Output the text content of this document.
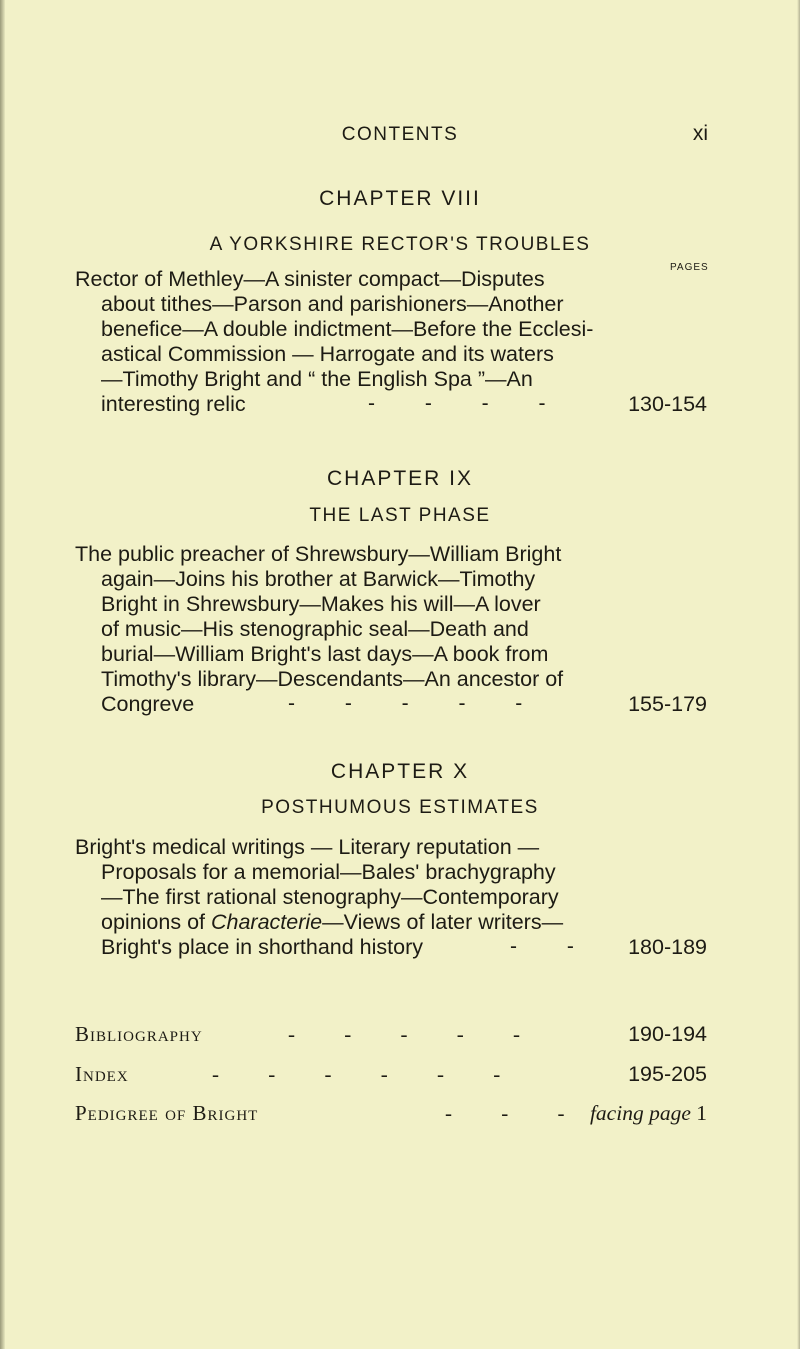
CONTENTS	xi
CHAPTER VIII
A YORKSHIRE RECTOR'S TROUBLES
PAGES
Rector of Methley—A sinister compact—Disputes
about tithes—Parson and parishioners—Another
benefice—A double indictment—Before the Ecclesi-
astical Commission — Harrogate and its waters
—Timothy Bright and “ the English Spa ”—An
interesting relic	- - - -	130-154
CHAPTER IX
THE LAST PHASE
The public preacher of Shrewsbury—William Bright
again—Joins his brother at Barwick—Timothy
Bright in Shrewsbury—Makes his will—A lover
of music—His stenographic seal—Death and
burial—William Bright's last days—A book from
Timothy's library—Descendants—An ancestor of
Congreve	- - - - -	155-179
CHAPTER X
POSTHUMOUS ESTIMATES
Bright's medical writings — Literary reputation —
Proposals for a memorial—Bales' brachygraphy
—The first rational stenography—Contemporary
opinions of Characterie—Views of later writers—
Bright's place in shorthand history	- - 180-189
Bibliography	- - - - -	190-194
Index	- - - - - -	195-205
Pedigree of Bright	- - - facing page 1
